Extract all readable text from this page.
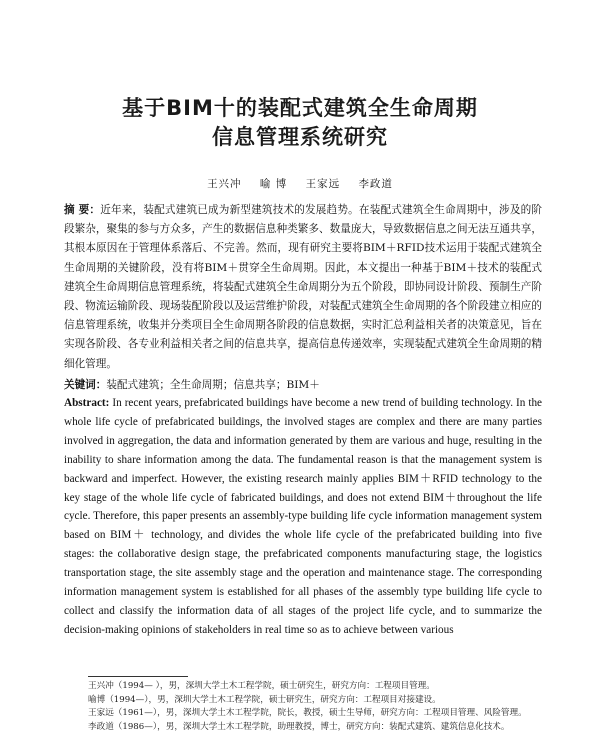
基于BIM十的装配式建筑全生命周期
信息管理系统研究
王兴冲 喻 博 王家远 李政道
摘 要：近年来，装配式建筑已成为新型建筑技术的发展趋势。在装配式建筑全生命周期中，涉及的阶段繁杂，聚集的参与方众多，产生的数据信息种类繁多、数量庞大，导致数据信息之间无法互通共享，其根本原因在于管理体系落后、不完善。然而，现有研究主要将BIM＋RFID技术运用于装配式建筑全生命周期的关键阶段，没有将BIM＋贯穿全生命周期。因此，本文提出一种基于BIM＋技术的装配式建筑全生命周期信息管理系统，将装配式建筑全生命周期分为五个阶段，即协同设计阶段、预制生产阶段、物流运输阶段、现场装配阶段以及运营维护阶段，对装配式建筑全生命周期的各个阶段建立相应的信息管理系统，收集并分类项目全生命周期各阶段的信息数据，实时汇总利益相关者的决策意见，旨在实现各阶段、各专业利益相关者之间的信息共享，提高信息传递效率，实现装配式建筑全生命周期的精细化管理。
关键词：装配式建筑；全生命周期；信息共享；BIM＋
Abstract: In recent years, prefabricated buildings have become a new trend of building technology. In the whole life cycle of prefabricated buildings, the involved stages are complex and there are many parties involved in aggregation, the data and information generated by them are various and huge, resulting in the inability to share information among the data. The fundamental reason is that the management system is backward and imperfect. However, the existing research mainly applies BIM＋RFID technology to the key stage of the whole life cycle of fabricated buildings, and does not extend BIM＋throughout the life cycle. Therefore, this paper presents an assembly-type building life cycle information management system based on BIM＋ technology, and divides the whole life cycle of the prefabricated building into five stages: the collaborative design stage, the prefabricated components manufacturing stage, the logistics transportation stage, the site assembly stage and the operation and maintenance stage. The corresponding information management system is established for all phases of the assembly type building life cycle to collect and classify the information data of all stages of the project life cycle, and to summarize the decision-making opinions of stakeholders in real time so as to achieve between various
王兴冲（1994— ），男，深圳大学土木工程学院，硕士研究生，研究方向：工程项目管理。
喻博（1994—），男，深圳大学土木工程学院，硕士研究生，研究方向：工程项目对接建设。
王家远（1961—），男，深圳大学土木工程学院，院长，教授，硕士生导师，研究方向：工程项目管理、风险管理。
李政道（1986—），男，深圳大学土木工程学院，助理教授，博士，研究方向：装配式建筑、建筑信息化技术。
